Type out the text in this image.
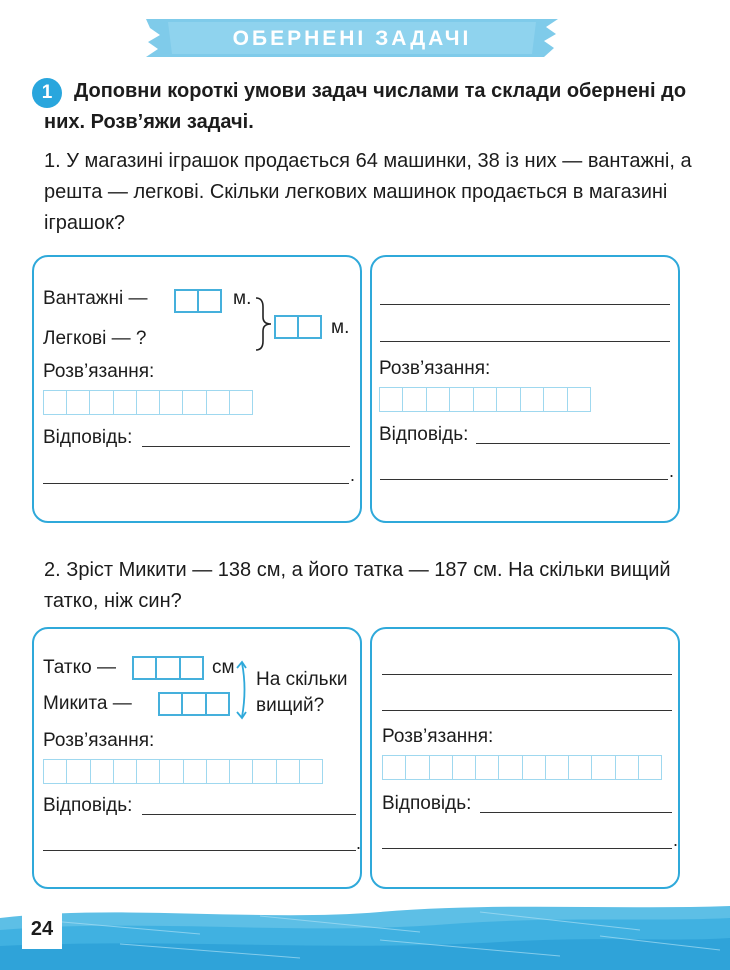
ОБЕРНЕНІ ЗАДАЧІ
1	Доповни короткі умови задач числами та склади обернені до них. Розв’яжи задачі.
1. У магазині іграшок продається 64 машинки, 38 із них — вантажні, а решта — легкові. Скільки легкових машинок продається в магазині іграшок?
Вантажні —	м.
Легкові — ?
м.
Розв’язання:
Відповідь:
.
Розв’язання:
Відповідь:
.
2. Зріст Микити — 138 см, а його татка — 187 см. На скільки вищий татко, ніж син?
Татко —	см
На скільки
вищий?
Микита —
Розв’язання:
Відповідь:
.
Розв’язання:
Відповідь:
.
24
